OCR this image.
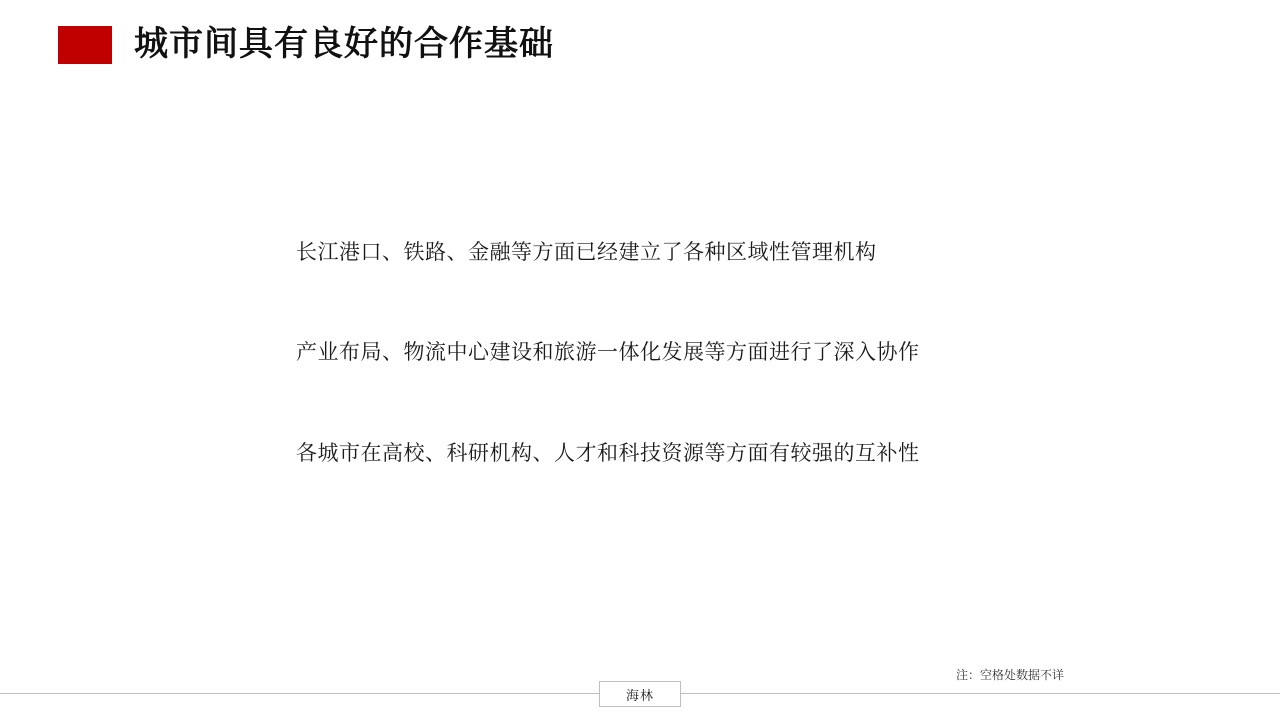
城市间具有良好的合作基础
长江港口、铁路、金融等方面已经建立了各种区域性管理机构
产业布局、物流中心建设和旅游一体化发展等方面进行了深入协作
各城市在高校、科研机构、人才和科技资源等方面有较强的互补性
注：空格处数据不详
海林
